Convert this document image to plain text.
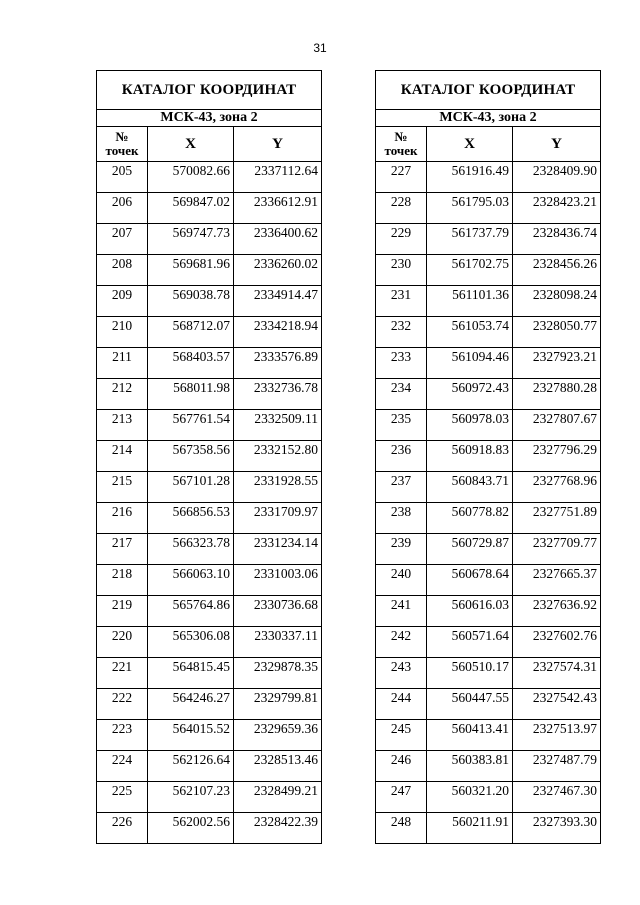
31
КАТАЛОГ КООРДИНАТ		
МСК-43, зона 2		
№
точек	X	Y
205	570082.66	2337112.64
206	569847.02	2336612.91
207	569747.73	2336400.62
208	569681.96	2336260.02
209	569038.78	2334914.47
210	568712.07	2334218.94
211	568403.57	2333576.89
212	568011.98	2332736.78
213	567761.54	2332509.11
214	567358.56	2332152.80
215	567101.28	2331928.55
216	566856.53	2331709.97
217	566323.78	2331234.14
218	566063.10	2331003.06
219	565764.86	2330736.68
220	565306.08	2330337.11
221	564815.45	2329878.35
222	564246.27	2329799.81
223	564015.52	2329659.36
224	562126.64	2328513.46
225	562107.23	2328499.21
226	562002.56	2328422.39
КАТАЛОГ КООРДИНАТ		
МСК-43, зона 2		
№
точек	X	Y
227	561916.49	2328409.90
228	561795.03	2328423.21
229	561737.79	2328436.74
230	561702.75	2328456.26
231	561101.36	2328098.24
232	561053.74	2328050.77
233	561094.46	2327923.21
234	560972.43	2327880.28
235	560978.03	2327807.67
236	560918.83	2327796.29
237	560843.71	2327768.96
238	560778.82	2327751.89
239	560729.87	2327709.77
240	560678.64	2327665.37
241	560616.03	2327636.92
242	560571.64	2327602.76
243	560510.17	2327574.31
244	560447.55	2327542.43
245	560413.41	2327513.97
246	560383.81	2327487.79
247	560321.20	2327467.30
248	560211.91	2327393.30
